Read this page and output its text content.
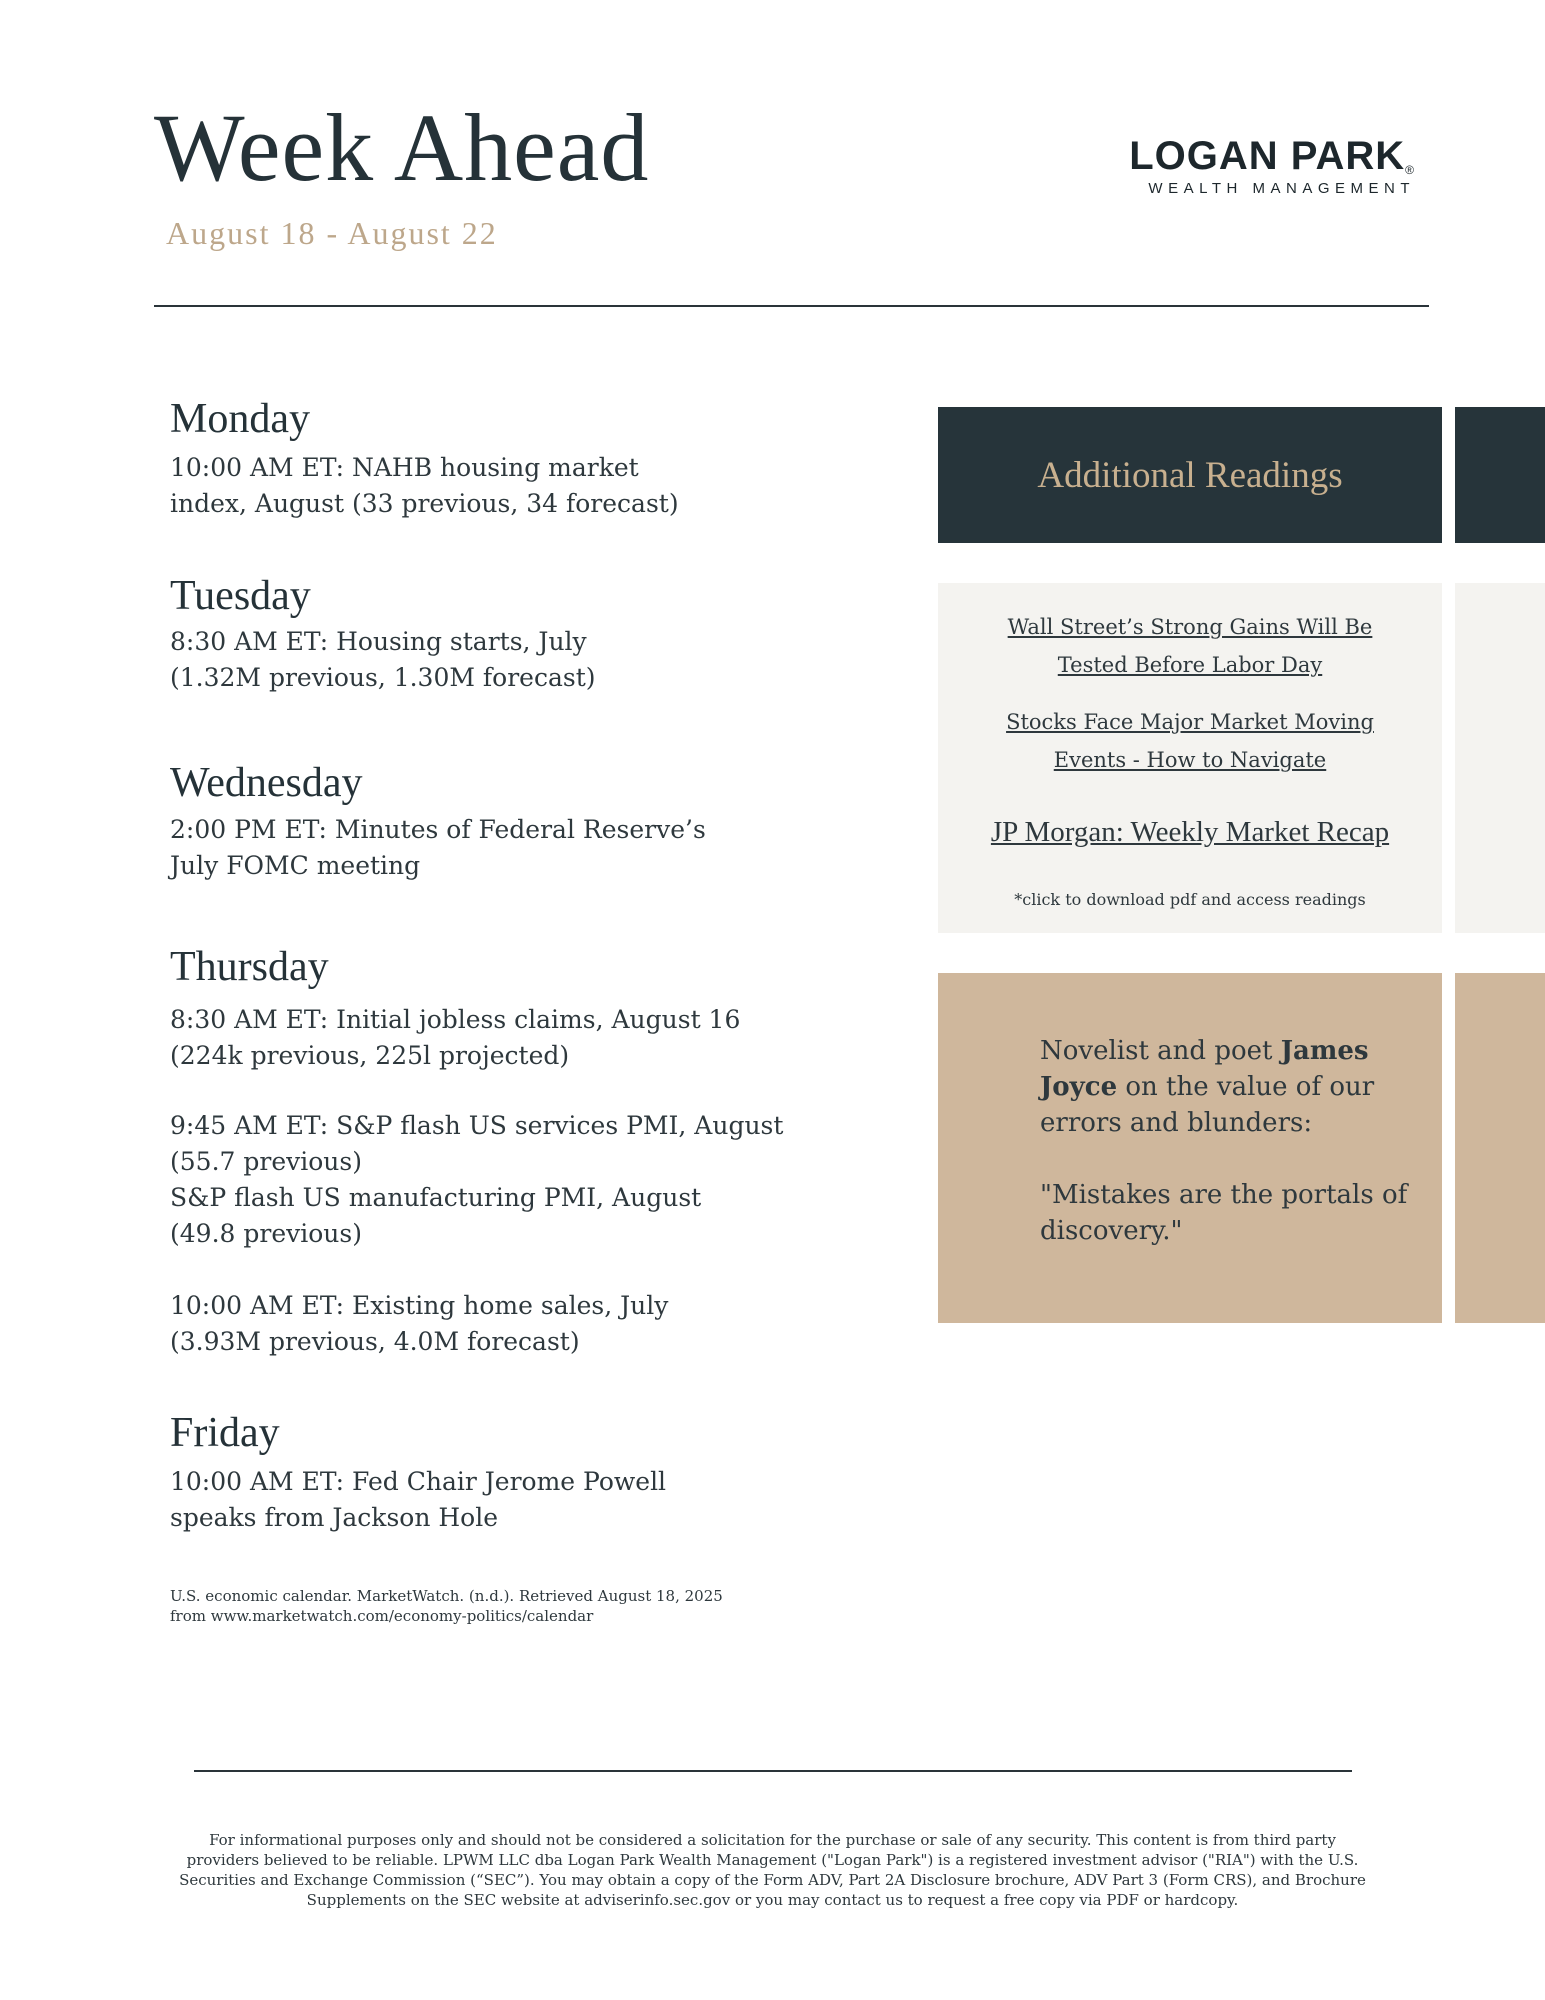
Week Ahead
August 18 - August 22
LOGAN PARK®
WEALTH MANAGEMENT
Monday
10:00 AM ET: NAHB housing market
index, August (33 previous, 34 forecast)
Tuesday
8:30 AM ET: Housing starts, July
(1.32M previous, 1.30M forecast)
Wednesday
2:00 PM ET: Minutes of Federal Reserve’s
July FOMC meeting
Thursday
8:30 AM ET: Initial jobless claims, August 16
(224k previous, 225l projected)
9:45 AM ET: S&P flash US services PMI, August
(55.7 previous)
S&P flash US manufacturing PMI, August
(49.8 previous)
10:00 AM ET: Existing home sales, July
(3.93M previous, 4.0M forecast)
Friday
10:00 AM ET: Fed Chair Jerome Powell
speaks from Jackson Hole
U.S. economic calendar. MarketWatch. (n.d.). Retrieved August 18, 2025
from www.marketwatch.com/economy-politics/calendar
Additional Readings
Wall Street’s Strong Gains Will Be
Tested Before Labor Day
Stocks Face Major Market Moving
Events - How to Navigate
JP Morgan: Weekly Market Recap
*click to download pdf and access readings

Novelist and poet James Joyce on the value of our errors and blunders:

"Mistakes are the portals of discovery."

For informational purposes only and should not be considered a solicitation for the purchase or sale of any security. This content is from third party
providers believed to be reliable. LPWM LLC dba Logan Park Wealth Management ("Logan Park") is a registered investment advisor ("RIA") with the U.S.
Securities and Exchange Commission (“SEC”). You may obtain a copy of the Form ADV, Part 2A Disclosure brochure, ADV Part 3 (Form CRS), and Brochure
Supplements on the SEC website at adviserinfo.sec.gov or you may contact us to request a free copy via PDF or hardcopy.
